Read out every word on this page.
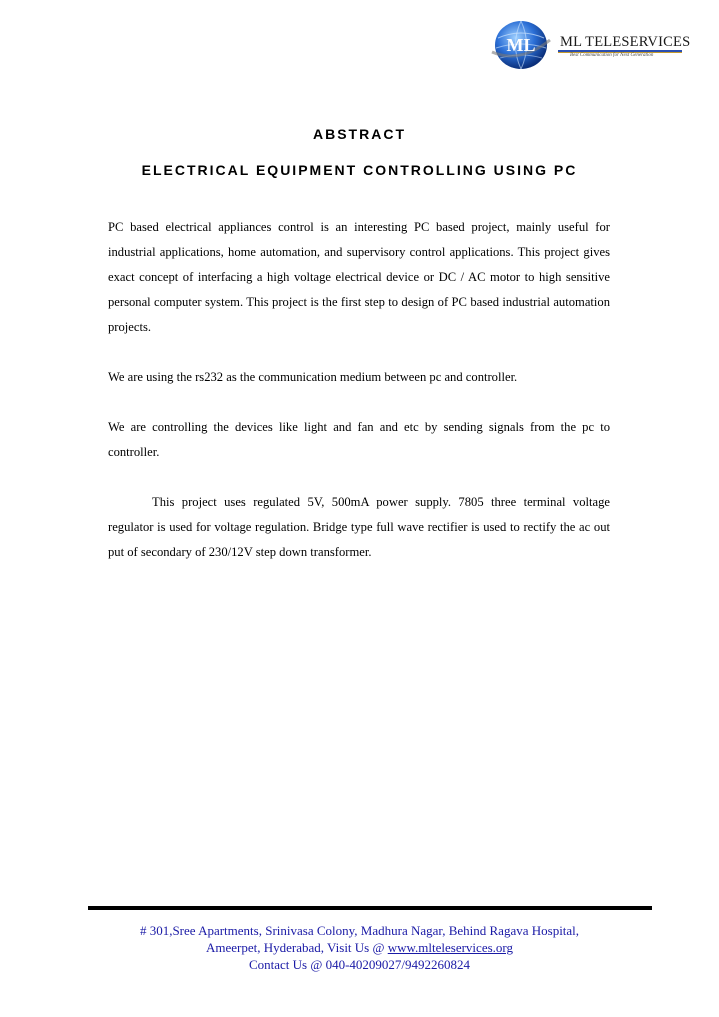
ML ML TELESERVICES
Best Communication for Next Generation
ABSTRACT
ELECTRICAL EQUIPMENT CONTROLLING USING PC

PC based electrical appliances control is an interesting PC based project, mainly useful for industrial applications, home automation, and supervisory control applications. This project gives exact concept of interfacing a high voltage electrical device or DC / AC motor to high sensitive personal computer system. This project is the first step to design of PC based industrial automation projects.

We are using the rs232 as the communication medium between pc and controller.

We are controlling the devices like light and fan and etc by sending signals from the pc to controller.

This project uses regulated 5V, 500mA power supply. 7805 three terminal voltage regulator is used for voltage regulation. Bridge type full wave rectifier is used to rectify the ac out put of secondary of 230/12V step down transformer.

# 301,Sree Apartments, Srinivasa Colony, Madhura Nagar, Behind Ragava Hospital,
Ameerpet, Hyderabad, Visit Us @ www.mlteleservices.org
Contact Us @ 040-40209027/9492260824
